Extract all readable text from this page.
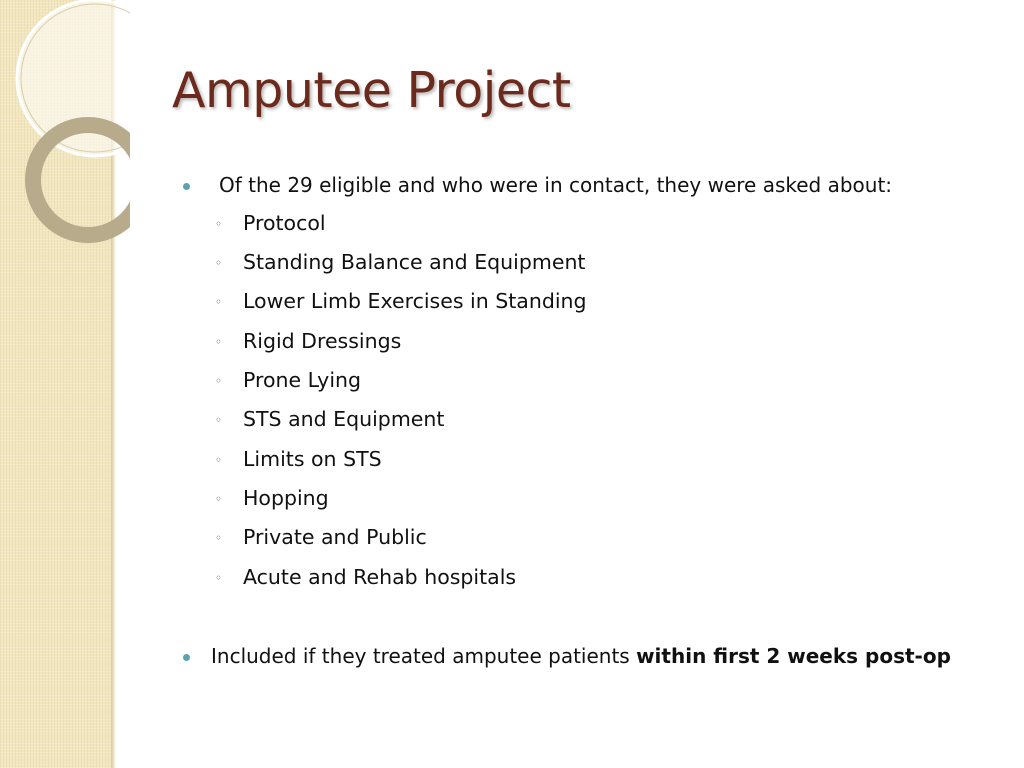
Amputee Project
Of the 29 eligible and who were in contact, they were asked about:
◦ Protocol
◦ Standing Balance and Equipment
◦ Lower Limb Exercises in Standing
◦ Rigid Dressings
◦ Prone Lying
◦ STS and Equipment
◦ Limits on STS
◦ Hopping
◦ Private and Public
◦ Acute and Rehab hospitals
Included if they treated amputee patients within first 2 weeks post-op
